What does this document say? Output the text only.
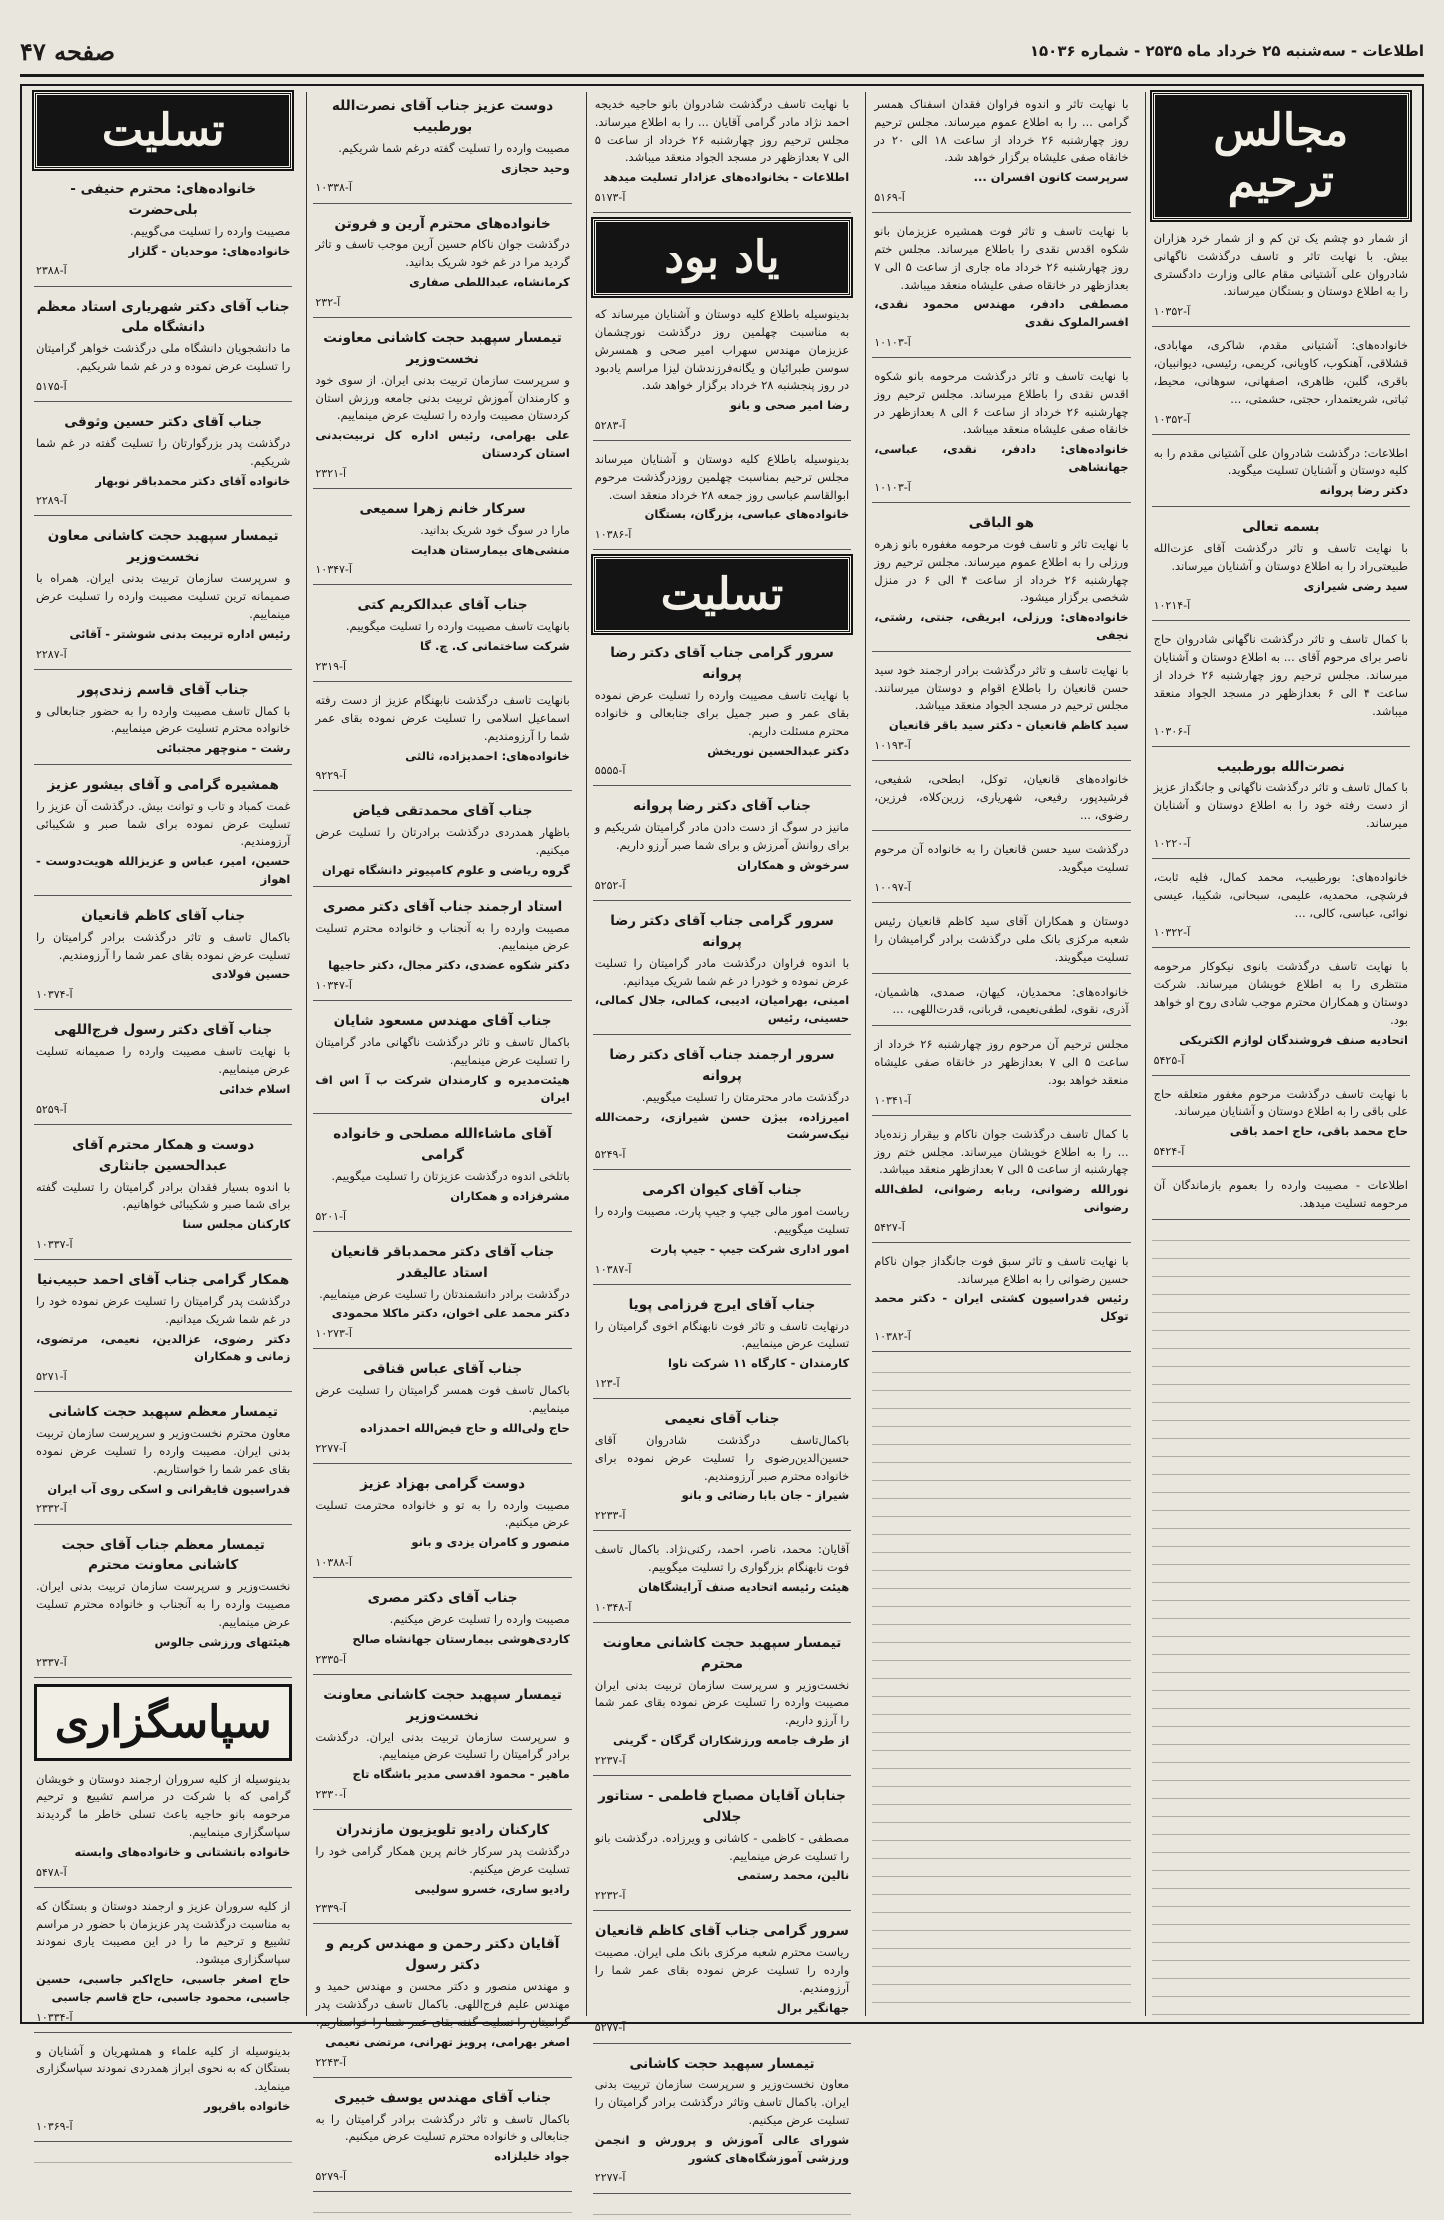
صفحه ۴۷	اطلاعات - سه‌شنبه ۲۵ خرداد ماه ۲۵۳۵ - شماره ۱۵۰۳۶
مجالس ترحیم
از شمار دو چشم یک تن کم و از شمار خرد هزاران بیش. با نهایت تاثر و تاسف درگذشت ناگهانی شادروان علی آشتیانی مقام عالی وزارت دادگستری را به اطلاع دوستان و بستگان میرساند.
۱۰۳۵۲-آ
خانواده‌های: آشتیانی مقدم، شاکری، مهابادی، قشلاقی، آهنکوب، کاویانی، کریمی، رئیسی، دیوانبیان، باقری، گلبن، ظاهری، اصفهانی، سوهانی، محیط، ثباتی، شریعتمدار، حجتی، حشمتی، ...
۱۰۳۵۲-آ
اطلاعات: درگذشت شادروان علی آشتیانی مقدم را به کلیه دوستان و آشنایان تسلیت میگوید.
دکتر رضا پروانه
بسمه تعالی
با نهایت تاسف و تاثر درگذشت آقای عزت‌الله طبیعتی‌راد را به اطلاع دوستان و آشنایان میرساند.
سید رضی شیرازی
۱۰۲۱۴-آ
با کمال تاسف و تاثر درگذشت ناگهانی شادروان حاج ناصر برای مرحوم آقای ... به اطلاع دوستان و آشنایان میرساند. مجلس ترحیم روز چهارشنبه ۲۶ خرداد از ساعت ۴ الی ۶ بعدازظهر در مسجد الجواد منعقد میباشد.
۱۰۳۰۶-آ
نصرت‌الله بورطبیب
با کمال تاسف و تاثر درگذشت ناگهانی و جانگداز عزیز از دست رفته خود را به اطلاع دوستان و آشنایان میرساند.
۱۰۲۲۰-آ
خانواده‌های: بورطبیب، محمد کمال، فلیه ثابت، فرشچی، محمدیه، علیمی، سبحانی، شکیبا، عیسی نوائی، عباسی، کالی، ...
۱۰۳۲۲-آ
با نهایت تاسف درگذشت بانوی نیکوکار مرحومه منتظری را به اطلاع خویشان میرساند. شرکت دوستان و همکاران محترم موجب شادی روح او خواهد بود.
اتحادیه صنف فروشندگان لوازم الکتریکی
۵۴۲۵-آ
با نهایت تاسف درگذشت مرحوم مغفور متعلقه حاج علی باقی را به اطلاع دوستان و آشنایان میرساند.
حاج محمد باقی، حاج احمد باقی
۵۴۲۴-آ
اطلاعات - مصیبت وارده را بعموم بازماندگان آن مرحومه تسلیت میدهد.
با نهایت تاثر و اندوه فراوان فقدان اسفناک همسر گرامی ... را به اطلاع عموم میرساند. مجلس ترحیم روز چهارشنبه ۲۶ خرداد از ساعت ۱۸ الی ۲۰ در خانقاه صفی علیشاه برگزار خواهد شد.
سرپرست کانون افسران ...
۵۱۶۹-آ
با نهایت تاسف و تاثر فوت همشیره عزیزمان بانو شکوه اقدس نقدی را باطلاع میرساند. مجلس ختم روز چهارشنبه ۲۶ خرداد ماه جاری از ساعت ۵ الی ۷ بعدازظهر در خانقاه صفی علیشاه منعقد میباشد.
مصطفی دادفر، مهندس محمود نقدی، افسرالملوک نقدی
۱۰۱۰۳-آ
با نهایت تاسف و تاثر درگذشت مرحومه بانو شکوه اقدس نقدی را باطلاع میرساند. مجلس ترحیم روز چهارشنبه ۲۶ خرداد از ساعت ۶ الی ۸ بعدازظهر در خانقاه صفی علیشاه منعقد میباشد.
خانواده‌های: دادفر، نقدی، عباسی، جهانشاهی
۱۰۱۰۳-آ
هو الباقی
با نهایت تاثر و تاسف فوت مرحومه مغفوره بانو زهره ورزلی را به اطلاع عموم میرساند. مجلس ترحیم روز چهارشنبه ۲۶ خرداد از ساعت ۴ الی ۶ در منزل شخصی برگزار میشود.
خانواده‌های: ورزلی، ابریقی، جنتی، رشتی، نجفی
با نهایت تاسف و تاثر درگذشت برادر ارجمند خود سید حسن قانعیان را باطلاع اقوام و دوستان میرسانند. مجلس ترحیم در مسجد الجواد منعقد میباشد.
سید کاظم قانعیان - دکتر سید باقر قانعیان
۱۰۱۹۳-آ
خانواده‌های قانعیان، توکل، ابطحی، شفیعی، فرشیدپور، رفیعی، شهریاری، زرین‌کلاه، فرزین، رضوی، ...
درگذشت سید حسن قانعیان را به خانواده آن مرحوم تسلیت میگوید.
۱۰۰۹۷-آ
دوستان و همکاران آقای سید کاظم قانعیان رئیس شعبه مرکزی بانک ملی درگذشت برادر گرامیشان را تسلیت میگویند.
خانواده‌های: محمدیان، کیهان، صمدی، هاشمیان، آذری، نقوی، لطفی‌نعیمی، قربانی، قدرت‌اللهی، ...
مجلس ترحیم آن مرحوم روز چهارشنبه ۲۶ خرداد از ساعت ۵ الی ۷ بعدازظهر در خانقاه صفی علیشاه منعقد خواهد بود.
۱۰۳۴۱-آ
با کمال تاسف درگذشت جوان ناکام و بیقرار زنده‌یاد ... را به اطلاع خویشان میرساند. مجلس ختم روز چهارشنبه از ساعت ۵ الی ۷ بعدازظهر منعقد میباشد.
نورالله رضوانی، ربابه رضوانی، لطف‌الله رضوانی
۵۴۲۷-آ
با نهایت تاسف و تاثر سبق فوت جانگداز جوان ناکام حسین رضوانی را به اطلاع میرساند.
رئیس فدراسیون کشتی ایران - دکتر محمد توکل
۱۰۳۸۲-آ
با نهایت تاسف درگذشت شادروان بانو حاجیه خدیجه احمد نژاد مادر گرامی آقایان ... را به اطلاع میرساند. مجلس ترحیم روز چهارشنبه ۲۶ خرداد از ساعت ۵ الی ۷ بعدازظهر در مسجد الجواد منعقد میباشد.
اطلاعات - بخانواده‌های عزادار تسلیت میدهد
۵۱۷۳-آ
یاد بود
بدینوسیله باطلاع کلیه دوستان و آشنایان میرساند که به مناسبت چهلمین روز درگذشت نورچشمان عزیزمان مهندس سهراب امیر صحی و همسرش سوسن طبرائیان و یگانه‌فرزندشان لیزا مراسم یادبود در روز پنجشنبه ۲۸ خرداد برگزار خواهد شد.
رضا امیر صحی و بانو
۵۲۸۳-آ
بدینوسیله باطلاع کلیه دوستان و آشنایان میرساند مجلس ترحیم بمناسبت چهلمین روزدرگذشت مرحوم ابوالقاسم عباسی روز جمعه ۲۸ خرداد منعقد است.
خانواده‌های عباسی، بزرگان، بستگان
۱۰۳۸۶-آ
تسلیت
سرور گرامی جناب آقای دکتر رضا پروانه
با نهایت تاسف مصیبت وارده را تسلیت عرض نموده بقای عمر و صبر جمیل برای جنابعالی و خانواده محترم مسئلت داریم.
دکتر عبدالحسین نوریخش
۵۵۵۵-آ
جناب آقای دکتر رضا پروانه
مانیز در سوگ از دست دادن مادر گرامیتان شریکیم و برای روانش آمرزش و برای شما صبر آرزو داریم.
سرخوش و همکاران
۵۲۵۲-آ
سرور گرامی جناب آقای دکتر رضا پروانه
با اندوه فراوان درگذشت مادر گرامیتان را تسلیت عرض نموده و خودرا در غم شما شریک میدانیم.
امینی، بهرامیان، ادیبی، کمالی، جلال کمالی، حسینی، رئیس
سرور ارجمند جناب آقای دکتر رضا پروانه
درگذشت مادر محترمتان را تسلیت میگوییم.
امیرزاده، بیژن حسن شیرازی، رحمت‌الله نیک‌سرشت
۵۲۴۹-آ
جناب آقای کیوان اکرمی
ریاست امور مالی جیپ و جیپ پارت. مصیبت وارده را تسلیت میگوییم.
امور اداری شرکت جیپ - جیپ پارت
۱۰۳۸۷-آ
جناب آقای ایرج فرزامی پویا
درنهایت تاسف و تاثر فوت نابهنگام اخوی گرامیتان را تسلیت عرض مینماییم.
کارمندان - کارگاه ۱۱ شرکت ناوا
۱۲۳-آ
جناب آقای نعیمی
باکمال‌تاسف درگذشت شادروان آقای حسین‌الدین‌رضوی را تسلیت عرض نموده برای خانواده محترم صبر آرزومندیم.
شیراز - جان بابا رضائی و بانو
۲۲۳۳-آ
آقایان: محمد، ناصر، احمد، رکنی‌نژاد. باکمال تاسف فوت نابهنگام بزرگواری را تسلیت میگوییم.
هیئت رئیسه اتحادیه صنف آرایشگاهان
۱۰۳۴۸-آ
تیمسار سپهبد حجت کاشانی معاونت محترم
نخست‌وزیر و سرپرست سازمان تربیت بدنی ایران مصیبت وارده را تسلیت عرض نموده بقای عمر شما را آرزو داریم.
از طرف جامعه ورزشکاران گرگان - گرینی
۲۲۳۷-آ
جنابان آقایان مصباح فاطمی - ستاتور جلالی
مصطفی - کاظمی - کاشانی و ویرزاده. درگذشت بانو را تسلیت عرض مینماییم.
نالین، محمد رستمی
۲۲۳۲-آ
سرور گرامی جناب آقای کاظم قانعیان
ریاست محترم شعبه مرکزی بانک ملی ایران. مصیبت وارده را تسلیت عرض نموده بقای عمر شما را آرزومندیم.
جهانگیر برال
۵۲۷۷-آ
تیمسار سپهبد حجت کاشانی
معاون نخست‌وزیر و سرپرست سازمان تربیت بدنی ایران. باکمال تاسف وتاثر درگذشت برادر گرامیتان را تسلیت عرض میکنیم.
شورای عالی آموزش و پرورش و انجمن ورزشی آموزشگاه‌های کشور
۲۲۷۷-آ
دوست عزیز جناب آقای نصرت‌الله بورطبیب
مصیبت وارده را تسلیت گفته درغم شما شریکیم.
وحید حجازی
۱۰۳۳۸-آ
خانواده‌های محترم آرین و فروتن
درگذشت جوان ناکام حسین آرین موجب تاسف و تاثر گردید مرا در غم خود شریک بدانید.
کرمانشاه، عبداللطی صفاری
۲۳۲-آ
تیمسار سپهبد حجت کاشانی معاونت نخست‌وزیر
و سرپرست سازمان تربیت بدنی ایران. از سوی خود و کارمندان آموزش تربیت بدنی جامعه ورزش استان کردستان مصیبت وارده را تسلیت عرض مینماییم.
علی بهرامی، رئیس اداره کل تربیت‌بدنی استان کردستان
۲۳۲۱-آ
سرکار خانم زهرا سمیعی
مارا در سوگ خود شریک بدانید.
منشی‌های بیمارستان هدایت
۱۰۳۴۷-آ
جناب آقای عبدالکریم کتی
بانهایت تاسف مصیبت وارده را تسلیت میگوییم.
شرکت ساختمانی ک. چ. گا
۲۳۱۹-آ
بانهایت تاسف درگذشت نابهنگام عزیز از دست رفته اسماعیل اسلامی را تسلیت عرض نموده بقای عمر شما را آرزومندیم.
خانواده‌های: احمدیزاده، ثالثی
۹۲۲۹-آ
جناب آقای محمدتقی فیاض
باظهار همدردی درگذشت برادرتان را تسلیت عرض میکنیم.
گروه ریاضی و علوم کامپیوتر دانشگاه تهران
استاد ارجمند جناب آقای دکتر مصری
مصیبت وارده را به آنجناب و خانواده محترم تسلیت عرض مینماییم.
دکتر شکوه عضدی، دکتر مجال، دکتر حاجیها
۱۰۳۴۷-آ
جناب آقای مهندس مسعود شایان
باکمال تاسف و تاثر درگذشت ناگهانی مادر گرامیتان را تسلیت عرض مینماییم.
هیئت‌مدیره و کارمندان شرکت ب آ اس اف ایران
آقای ماشاءالله مصلحی و خانواده گرامی
باتلخی اندوه درگذشت عزیزتان را تسلیت میگوییم.
مشرفزاده و همکاران
۵۲۰۱-آ
جناب آقای دکتر محمدباقر قانعیان استاد عالیقدر
درگذشت برادر دانشمندتان را تسلیت عرض مینماییم.
دکتر محمد علی اخوان، دکتر ماکلا محمودی
۱۰۲۷۳-آ
جناب آقای عباس قناقی
باکمال تاسف فوت همسر گرامیتان را تسلیت عرض مینماییم.
حاج ولی‌الله و حاج فیض‌الله احمدزاده
۲۲۷۷-آ
دوست گرامی بهزاد عزیز
مصیبت وارده را به تو و خانواده محترمت تسلیت عرض میکنیم.
منصور و کامران یزدی و بانو
۱۰۳۸۸-آ
جناب آقای دکتر مصری
مصیبت وارده را تسلیت عرض میکنیم.
کاردی‌هوشی بیمارستان جهانشاه صالح
۲۳۳۵-آ
تیمسار سپهبد حجت کاشانی معاونت نخست‌وزیر
و سرپرست سازمان تربیت بدنی ایران. درگذشت برادر گرامیتان را تسلیت عرض مینماییم.
ماهیر - محمود اقدسی مدیر باشگاه تاج
۲۳۳۰-آ
کارکنان رادیو تلویزیون مازندران
درگذشت پدر سرکار خانم پرین همکار گرامی خود را تسلیت عرض میکنیم.
رادیو ساری، خسرو سولیبی
۲۳۳۹-آ
آقایان دکتر رحمن و مهندس کریم و دکتر رسول
و مهندس منصور و دکتر محسن و مهندس حمید و مهندس علیم فرج‌اللهی. باکمال تاسف درگذشت پدر گرامیتان را تسلیت گفته بقای عمر شما را خواستاریم.
اصغر بهرامی، پرویز تهرانی، مرتضی نعیمی
۲۲۴۳-آ
جناب آقای مهندس یوسف خبیری
باکمال تاسف و تاثر درگذشت برادر گرامیتان را به جنابعالی و خانواده محترم تسلیت عرض میکنیم.
جواد خلیلزاده
۵۲۷۹-آ
تسلیت
خانواده‌های: محترم حنیفی - بلی‌حضرت
مصیبت وارده را تسلیت می‌گوییم.
خانواده‌های: موحدیان - گلزار
۲۳۸۸-آ
جناب آقای دکتر شهریاری استاد معظم دانشگاه ملی
ما دانشجویان دانشگاه ملی درگذشت خواهر گرامیتان را تسلیت عرض نموده و در غم شما شریکیم.
۵۱۷۵-آ
جناب آقای دکتر حسین وثوقی
درگذشت پدر بزرگوارتان را تسلیت گفته در غم شما شریکیم.
خانواده آقای دکتر محمدباقر نوبهار
۲۲۸۹-آ
تیمسار سپهبد حجت کاشانی معاون نخست‌وزیر
و سرپرست سازمان تربیت بدنی ایران. همراه با صمیمانه ترین تسلیت مصیبت وارده را تسلیت عرض مینماییم.
رئیس اداره تربیت بدنی شوشتر - آقائی
۲۲۸۷-آ
جناب آقای قاسم زندی‌پور
با کمال تاسف مصیبت وارده را به حضور جنابعالی و خانواده محترم تسلیت عرض مینماییم.
رشت - منوچهر مجتبائی
همشیره گرامی و آقای بیشور عزیز
غمت کمباد و تاب و توانت بیش. درگذشت آن عزیز را تسلیت عرض نموده برای شما صبر و شکیبائی آرزومندیم.
حسین، امیر، عباس و عزیزالله هویت‌دوست - اهواز
جناب آقای کاظم قانعیان
باکمال تاسف و تاثر درگذشت برادر گرامیتان را تسلیت عرض نموده بقای عمر شما را آرزومندیم.
حسین فولادی
۱۰۳۷۴-آ
جناب آقای دکتر رسول فرج‌اللهی
با نهایت تاسف مصیبت وارده را صمیمانه تسلیت عرض مینماییم.
اسلام خدائی
۵۲۵۹-آ
دوست و همکار محترم آقای عبدالحسین جانثاری
با اندوه بسیار فقدان برادر گرامیتان را تسلیت گفته برای شما صبر و شکیبائی خواهانیم.
کارکنان مجلس سنا
۱۰۳۳۷-آ
همکار گرامی جناب آقای احمد حبیب‌نیا
درگذشت پدر گرامیتان را تسلیت عرض نموده خود را در غم شما شریک میدانیم.
دکتر رضوی، عزالدین، نعیمی، مرتضوی، زمانی و همکاران
۵۲۷۱-آ
تیمسار معظم سپهبد حجت کاشانی
معاون محترم نخست‌وزیر و سرپرست سازمان تربیت بدنی ایران. مصیبت وارده را تسلیت عرض نموده بقای عمر شما را خواستاریم.
فدراسیون قایقرانی و اسکی روی آب ایران
۲۳۳۲-آ
تیمسار معظم جناب آقای حجت کاشانی معاونت محترم
نخست‌وزیر و سرپرست سازمان تربیت بدنی ایران. مصیبت وارده را به آنجناب و خانواده محترم تسلیت عرض مینماییم.
هیئتهای ورزشی جالوس
۲۳۳۷-آ
سپاسگزاری
بدینوسیله از کلیه سروران ارجمند دوستان و خویشان گرامی که با شرکت در مراسم تشییع و ترحیم مرحومه بانو حاجیه باعث تسلی خاطر ما گردیدند سپاسگزاری مینماییم.
خانواده باتشتانی و خانواده‌های وابسته
۵۴۷۸-آ
از کلیه سروران عزیز و ارجمند دوستان و بستگان که به مناسبت درگذشت پدر عزیزمان با حضور در مراسم تشییع و ترحیم ما را در این مصیبت یاری نمودند سپاسگزاری میشود.
حاج اصغر جاسبی، حاج‌اکبر جاسبی، حسین جاسبی، محمود جاسبی، حاج قاسم جاسبی
۱۰۳۳۴-آ
بدینوسیله از کلیه علماء و همشهریان و آشنایان و بستگان که به نحوی ابراز همدردی نمودند سپاسگزاری مینماید.
خانواده باقرپور
۱۰۳۶۹-آ
